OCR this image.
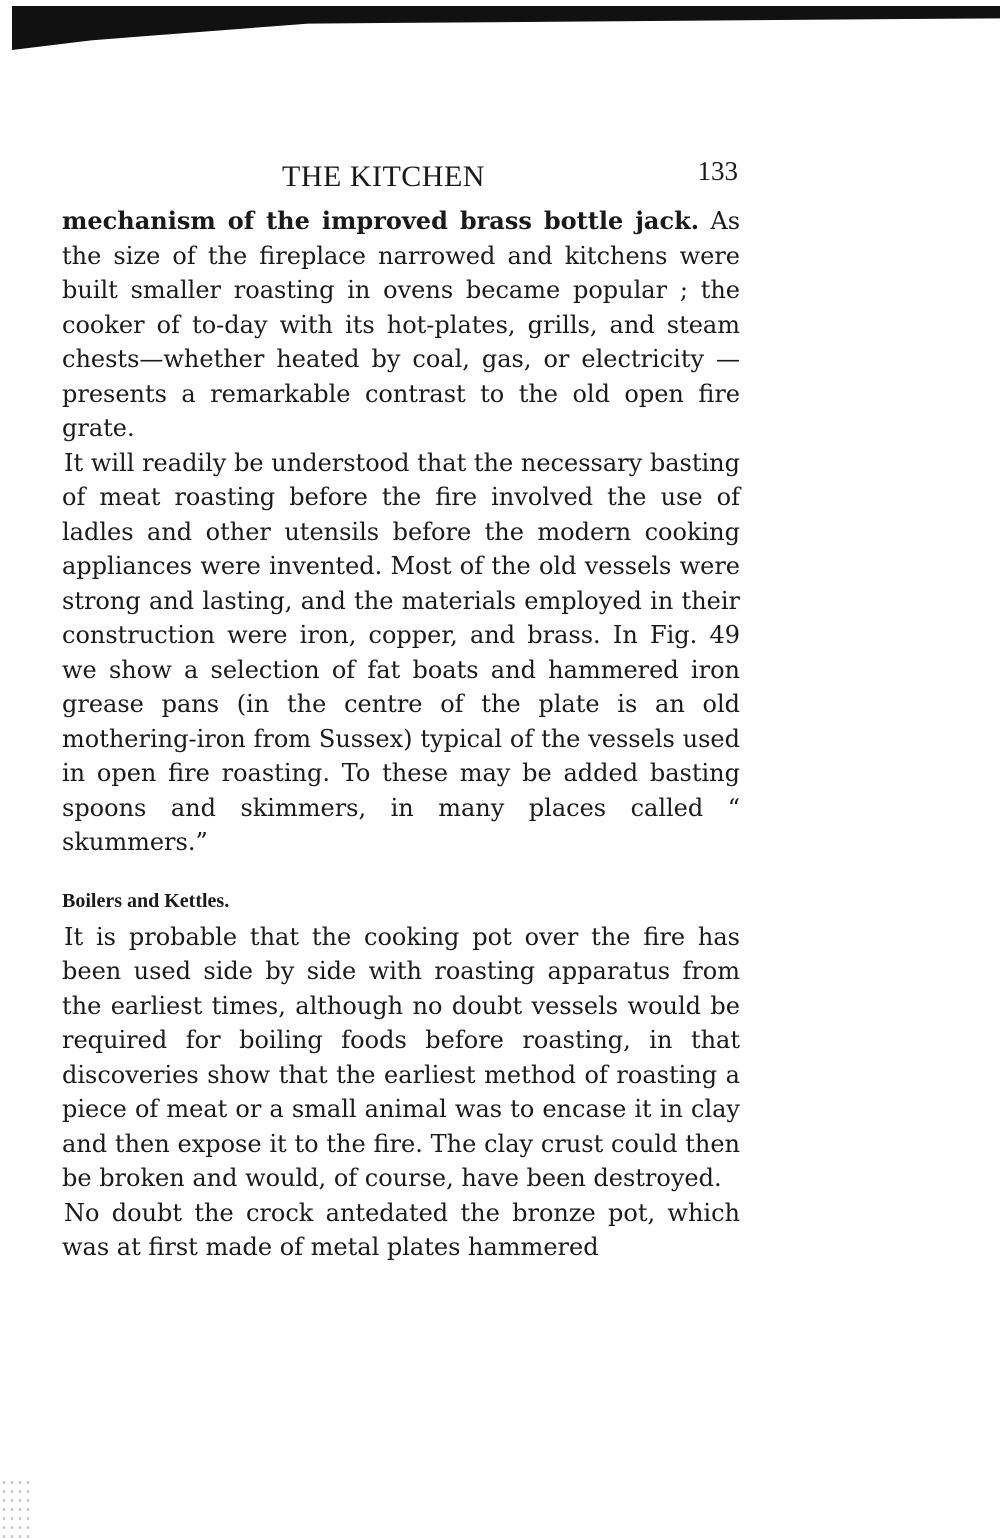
THE KITCHEN	133

mechanism of the improved brass bottle jack. As the size of the fireplace narrowed and kitchens were built smaller roasting in ovens became popular ; the cooker of to-day with its hot-plates, grills, and steam chests—whether heated by coal, gas, or electricity —presents a remarkable contrast to the old open fire grate.

It will readily be understood that the necessary basting of meat roasting before the fire involved the use of ladles and other utensils before the modern cooking appliances were invented. Most of the old vessels were strong and lasting, and the materials employed in their construction were iron, copper, and brass. In Fig. 49 we show a selection of fat boats and hammered iron grease pans (in the centre of the plate is an old mothering-iron from Sussex) typical of the vessels used in open fire roasting. To these may be added basting spoons and skimmers, in many places called “ skummers.”

Boilers and Kettles.

It is probable that the cooking pot over the fire has been used side by side with roasting apparatus from the earliest times, although no doubt vessels would be required for boiling foods before roasting, in that discoveries show that the earliest method of roasting a piece of meat or a small animal was to encase it in clay and then expose it to the fire. The clay crust could then be broken and would, of course, have been destroyed.

No doubt the crock antedated the bronze pot, which was at first made of metal plates hammered
